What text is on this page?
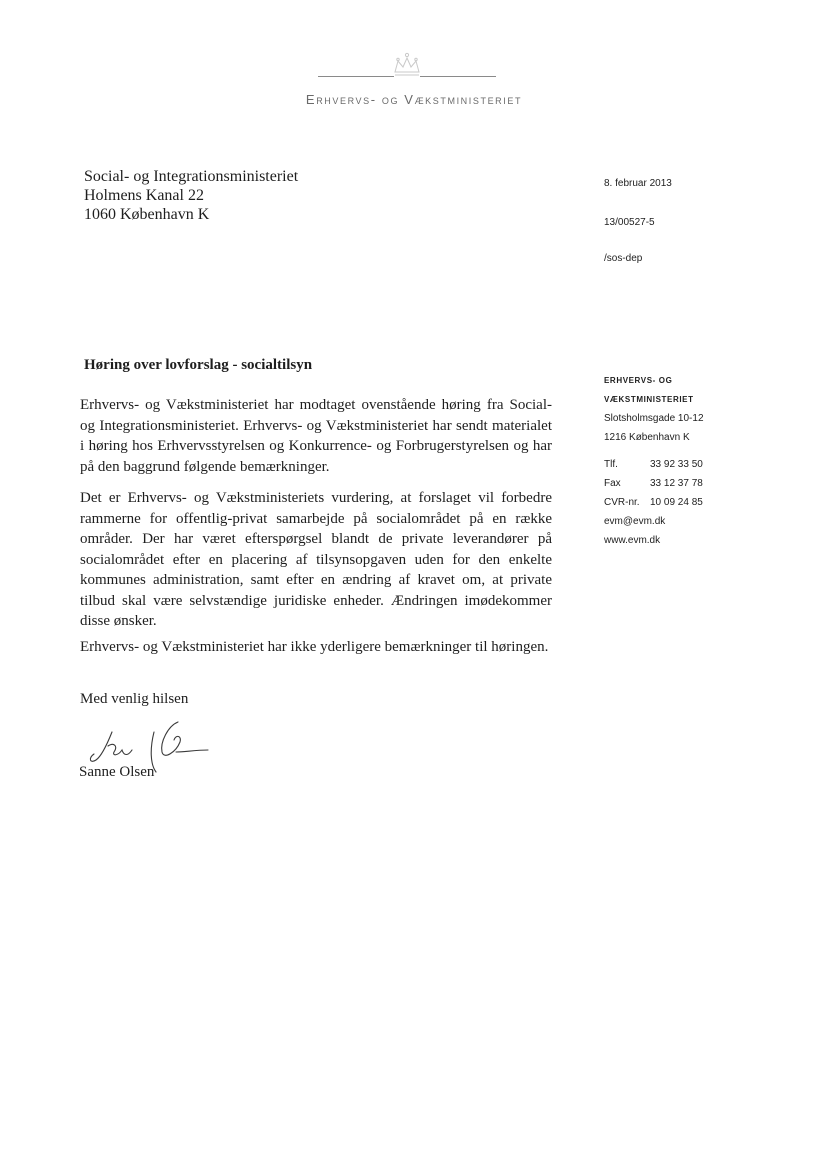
Erhvervs- og Vækstministeriet
Social- og Integrationsministeriet
Holmens Kanal 22
1060 København K
8. februar 2013
13/00527-5
/sos-dep
ERHVERVS- OG
VÆKSTMINISTERIET
Slotsholmsgade 10-12
1216 København K
Tlf.	33 92 33 50
Fax	33 12 37 78
CVR-nr.	10 09 24 85
evm@evm.dk
www.evm.dk
Høring over lovforslag - socialtilsyn
Erhvervs- og Vækstministeriet har modtaget ovenstående høring fra Social- og Integrationsministeriet. Erhvervs- og Vækstministeriet har sendt materialet i høring hos Erhvervsstyrelsen og Konkurrence- og Forbrugerstyrelsen og har på den baggrund følgende bemærkninger.
Det er Erhvervs- og Vækstministeriets vurdering, at forslaget vil forbedre rammerne for offentlig-privat samarbejde på socialområdet på en række områder. Der har været efterspørgsel blandt de private leverandører på socialområdet efter en placering af tilsynsopgaven uden for den enkelte kommunes administration, samt efter en ændring af kravet om, at private tilbud skal være selvstændige juridiske enheder. Ændringen imødekommer disse ønsker.
Erhvervs- og Vækstministeriet har ikke yderligere bemærkninger til høringen.
Med venlig hilsen
Sanne Olsen
